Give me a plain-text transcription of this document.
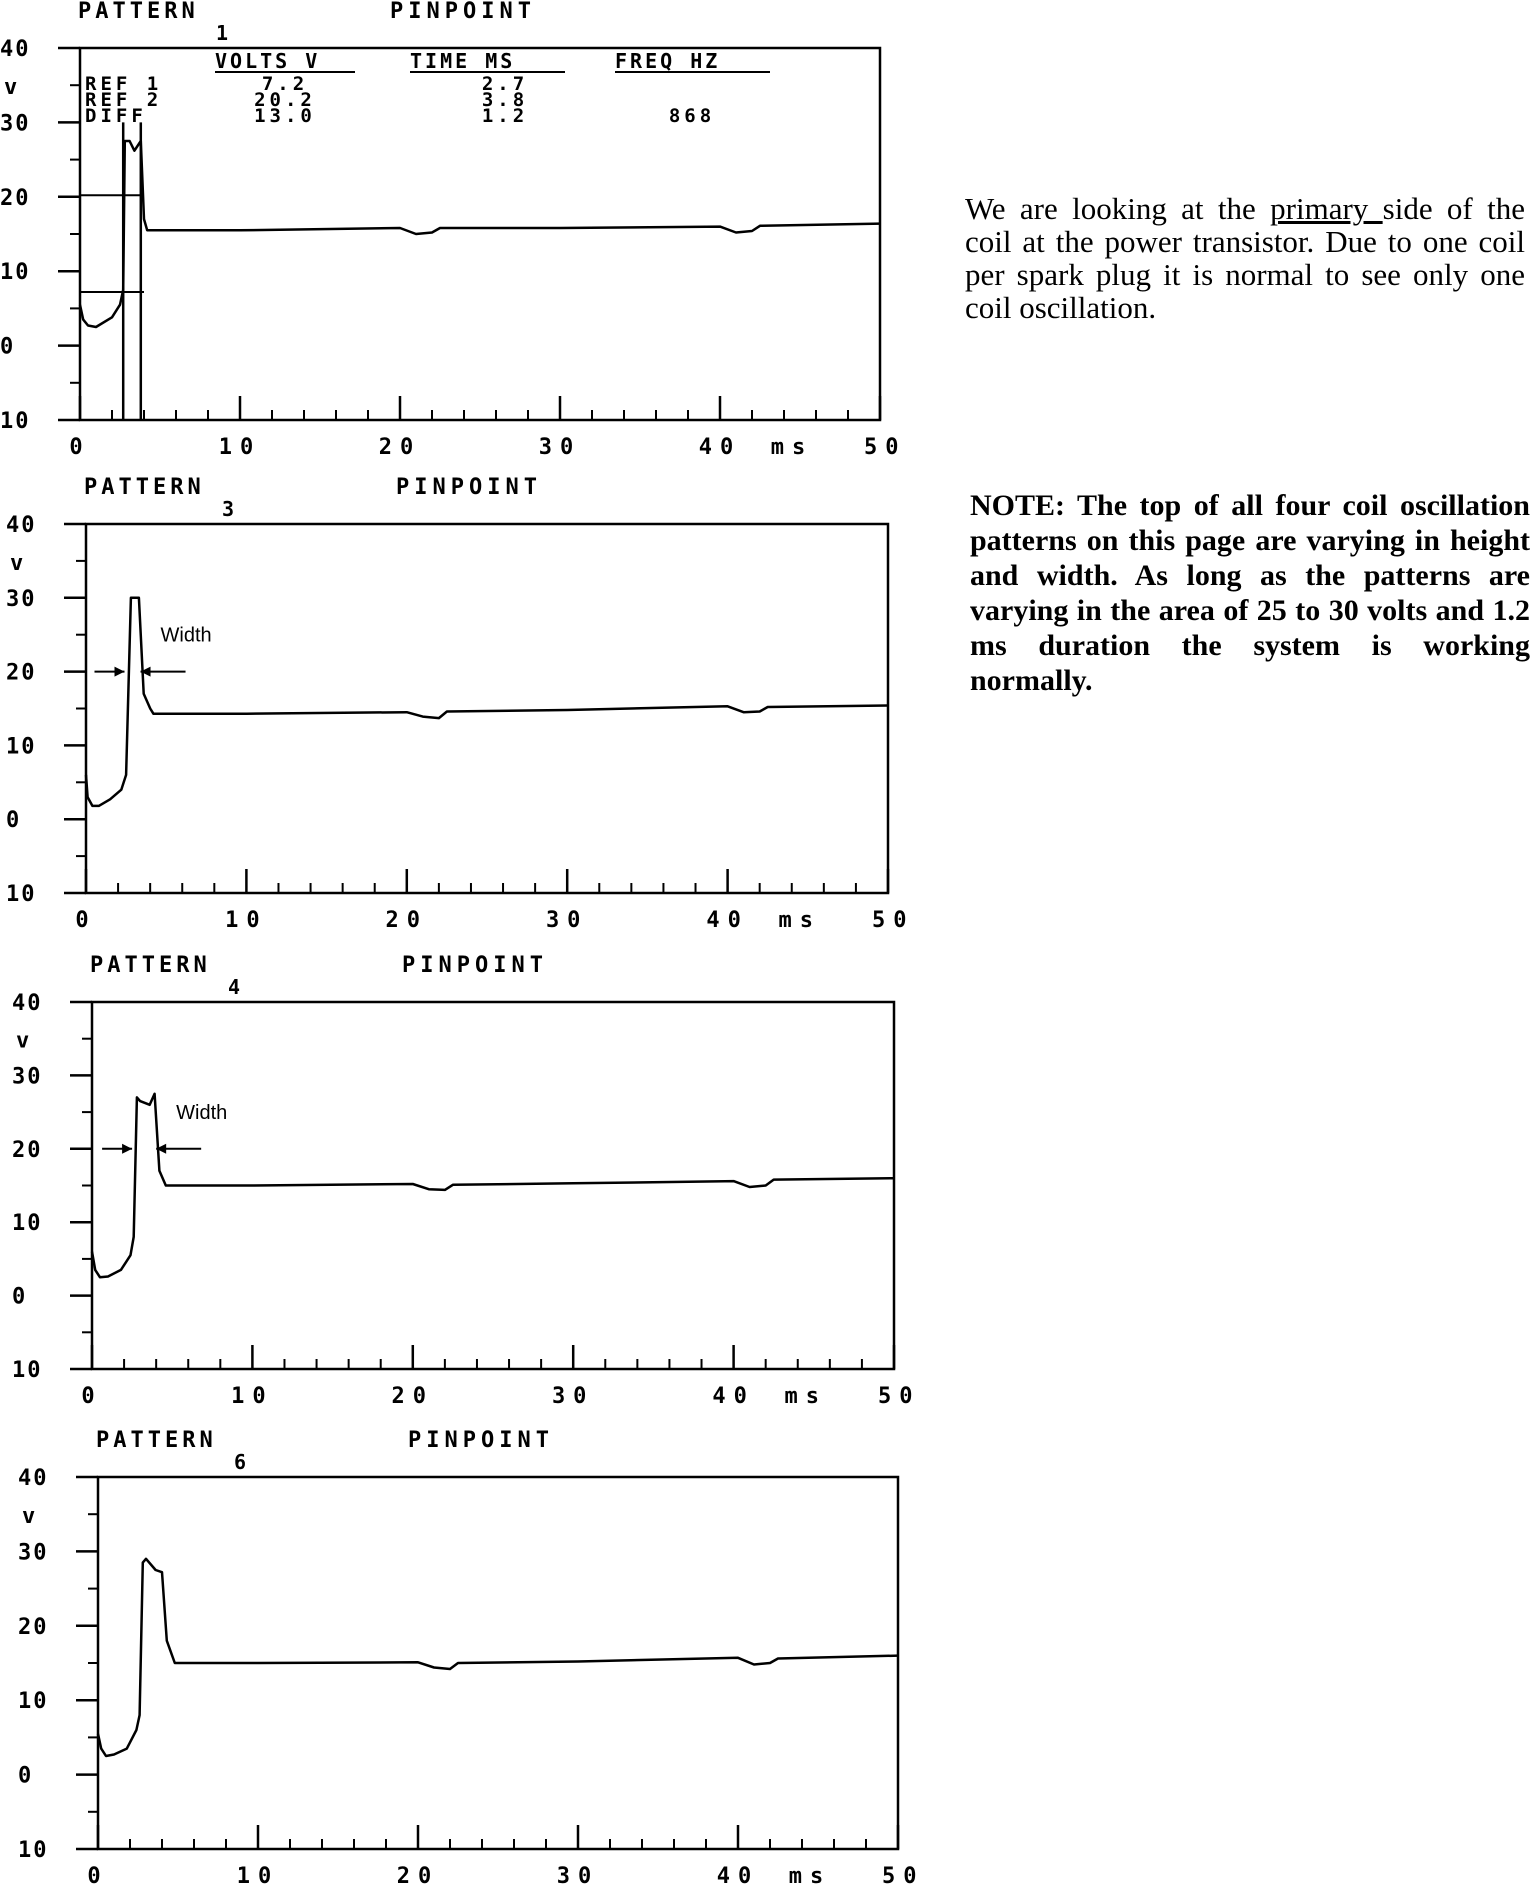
PATTERN
1
PINPOINT
40
30
20
10
0
10
v
0	10	20	30	40	50
ms
VOLTS V	TIME MS	FREQ HZ
REF 1	7.2	2.7
REF 2	20.2	3.8
DIFF	13.0	1.2	868
PATTERN
3
PINPOINT
40
30
20
10
0
10
v
0	10	20	30	40	50
ms
Width
PATTERN
4
PINPOINT
40
30
20
10
0
10
v
0	10	20	30	40	50
ms
Width
PATTERN
6
PINPOINT
40
30
20
10
0
10
v
0	10	20	30	40	50
ms
We are looking at the primary side of the coil at the power transistor. Due to one coil per spark plug it is normal to see only one coil oscillation.
NOTE: The top of all four coil oscillation patterns on this page are varying in height and width. As long as the patterns are varying in the area of 25 to 30 volts and 1.2 ms duration the system is working normally.
